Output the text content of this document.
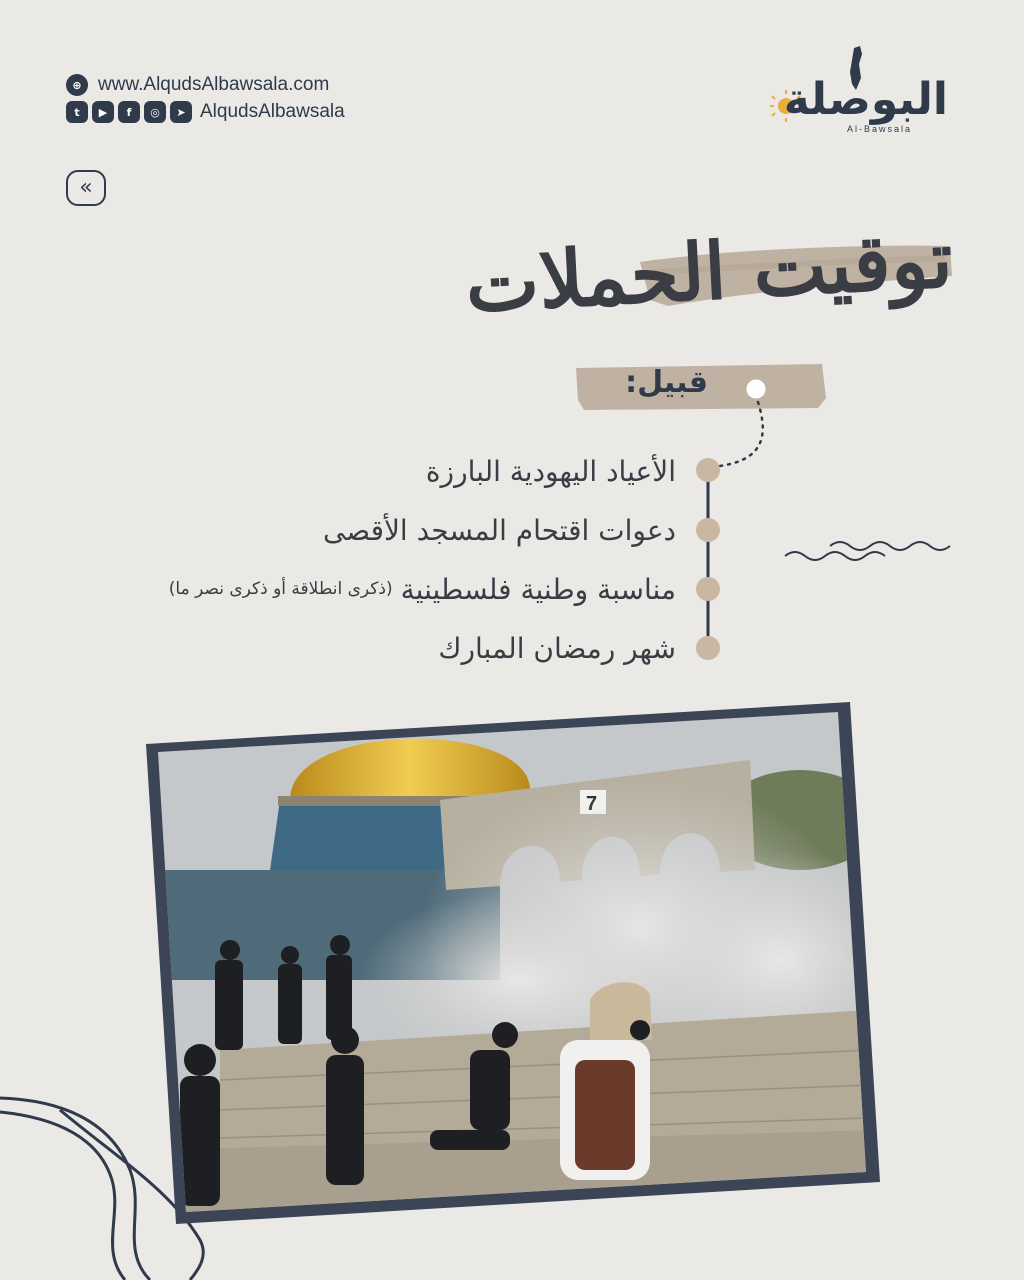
⊕ www.AlqudsAlbawsala.com
t	▶	f	◎	➤ AlqudsAlbawsala	البوصلة
Al-Bawsala
«
توقيت الحملات
قبيل:
الأعياد اليهودية البارزة
دعوات اقتحام المسجد الأقصى
مناسبة وطنية فلسطينية
(ذكرى انطلاقة أو ذكرى نصر ما)
شهر رمضان المبارك
